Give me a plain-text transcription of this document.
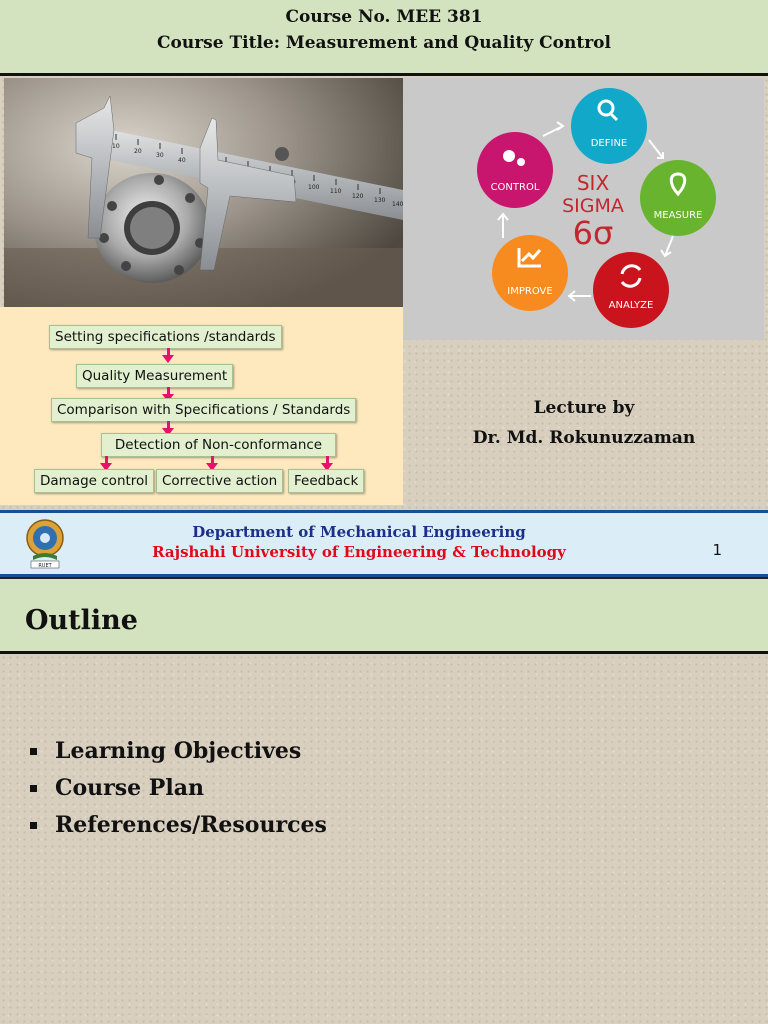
Course No. MEE 381
Course Title: Measurement and Quality Control
10
20
30
40
100
110
120
130
140
DEFINE
MEASURE
ANALYZE
IMPROVE
CONTROL SIX
SIGMA
6σ
Setting specifications /standards
Quality Measurement
Comparison with Specifications / Standards
Detection of Non-conformance
Damage control	Corrective action	Feedback
Lecture by
Dr. Md. Rokunuzzaman
RUET
Department of Mechanical Engineering
Rajshahi University of Engineering & Technology	1
Outline
Learning Objectives
Course Plan
References/Resources
